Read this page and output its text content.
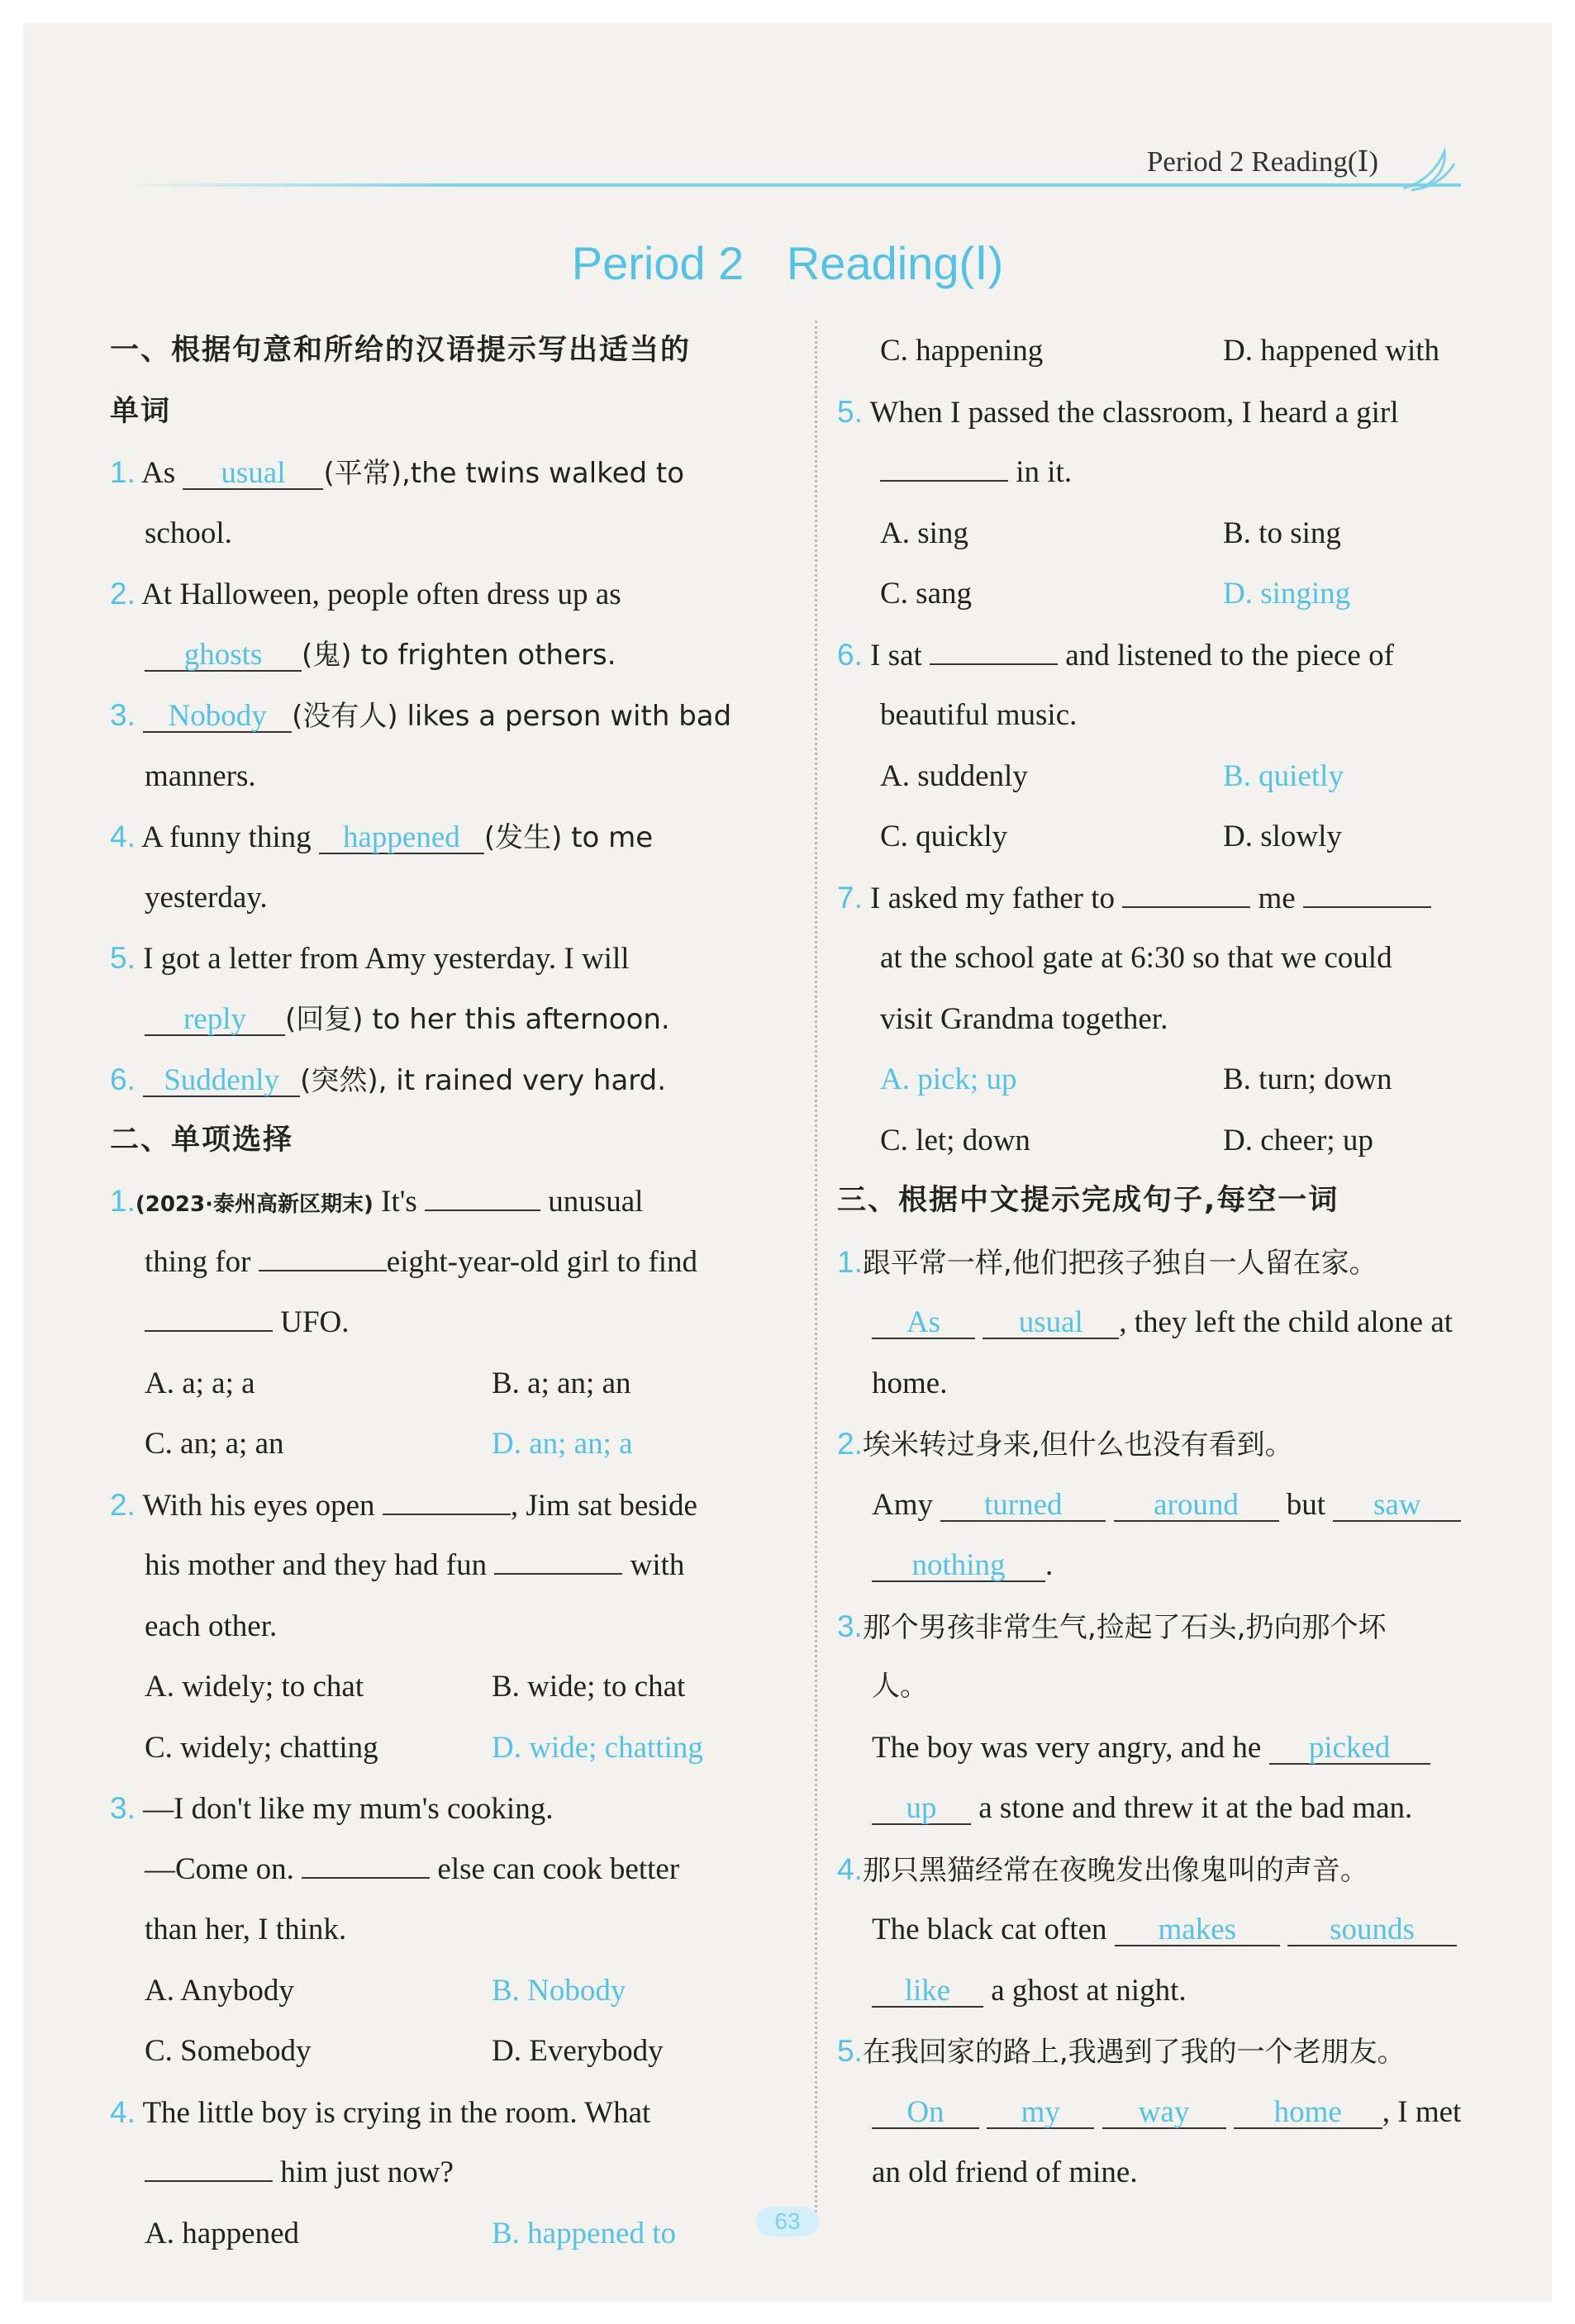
Period 2 Reading(Ⅰ)
Period 2 Reading(Ⅰ)
一、根据句意和所给的汉语提示写出适当的
单词
1. As usual (平常),the twins walked to
school.
2. At Halloween, people often dress up as
ghosts (鬼) to frighten others.
3. Nobody (没有人) likes a person with bad
manners.
4. A funny thing happened (发生) to me
yesterday.
5. I got a letter from Amy yesterday. I will
reply (回复) to her this afternoon.
6. Suddenly (突然), it rained very hard.
二、单项选择
1.(2023·泰州高新区期末) It's	unusual
thing for	eight-year-old girl to find
UFO.
A. a; a; a	B. a; an; an
C. an; a; an	D. an; an; a
2. With his eyes open	, Jim sat beside
his mother and they had fun	with
each other.
A. widely; to chat	B. wide; to chat
C. widely; chatting	D. wide; chatting
3. —I don't like my mum's cooking.
—Come on.	else can cook better
than her, I think.
A. Anybody	B. Nobody
C. Somebody	D. Everybody
4. The little boy is crying in the room. What
him just now?
A. happened	B. happened to
C. happening	D. happened with
5. When I passed the classroom, I heard a girl
in it.
A. sing	B. to sing
C. sang	D. singing
6. I sat	and listened to the piece of
beautiful music.
A. suddenly	B. quietly
C. quickly	D. slowly
7. I asked my father to	me
at the school gate at 6:30 so that we could
visit Grandma together.
A. pick; up	B. turn; down
C. let; down	D. cheer; up
三、根据中文提示完成句子,每空一词
1.跟平常一样,他们把孩子独自一人留在家。
As	usual , they left the child alone at
home.
2.埃米转过身来,但什么也没有看到。
Amy turned	around but saw
nothing .
3.那个男孩非常生气,捡起了石头,扔向那个坏
人。
The boy was very angry, and he picked
up a stone and threw it at the bad man.
4.那只黑猫经常在夜晚发出像鬼叫的声音。
The black cat often makes	sounds
like a ghost at night.
5.在我回家的路上,我遇到了我的一个老朋友。
On	my	way	home , I met
an old friend of mine.
63
